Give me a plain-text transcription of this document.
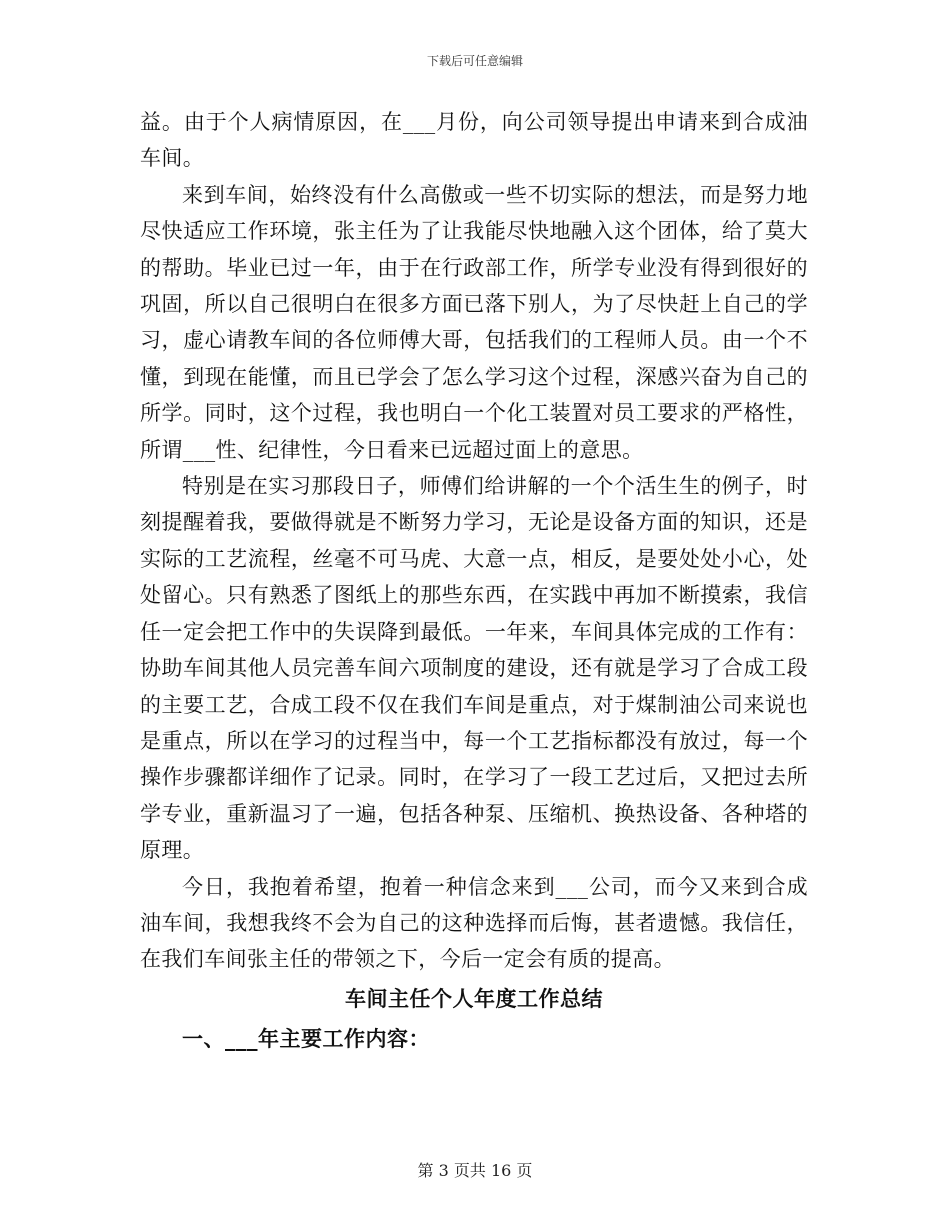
下载后可任意编辑

益。由于个人病情原因，在___月份，向公司领导提出申请来到合成油车间。

来到车间，始终没有什么高傲或一些不切实际的想法，而是努力地尽快适应工作环境，张主任为了让我能尽快地融入这个团体，给了莫大的帮助。毕业已过一年，由于在行政部工作，所学专业没有得到很好的巩固，所以自己很明白在很多方面已落下别人，为了尽快赶上自己的学习，虚心请教车间的各位师傅大哥，包括我们的工程师人员。由一个不懂，到现在能懂，而且已学会了怎么学习这个过程，深感兴奋为自己的所学。同时，这个过程，我也明白一个化工装置对员工要求的严格性，所谓___性、纪律性，今日看来已远超过面上的意思。

特别是在实习那段日子，师傅们给讲解的一个个活生生的例子，时刻提醒着我，要做得就是不断努力学习，无论是设备方面的知识，还是实际的工艺流程，丝毫不可马虎、大意一点，相反，是要处处小心，处处留心。只有熟悉了图纸上的那些东西，在实践中再加不断摸索，我信任一定会把工作中的失误降到最低。一年来，车间具体完成的工作有：协助车间其他人员完善车间六项制度的建设，还有就是学习了合成工段的主要工艺，合成工段不仅在我们车间是重点，对于煤制油公司来说也是重点，所以在学习的过程当中，每一个工艺指标都没有放过，每一个操作步骤都详细作了记录。同时，在学习了一段工艺过后，又把过去所学专业，重新温习了一遍，包括各种泵、压缩机、换热设备、各种塔的原理。

今日，我抱着希望，抱着一种信念来到___公司，而今又来到合成油车间，我想我终不会为自己的这种选择而后悔，甚者遗憾。我信任，在我们车间张主任的带领之下，今后一定会有质的提高。

车间主任个人年度工作总结
一、___年主要工作内容：
第 3 页共 16 页
